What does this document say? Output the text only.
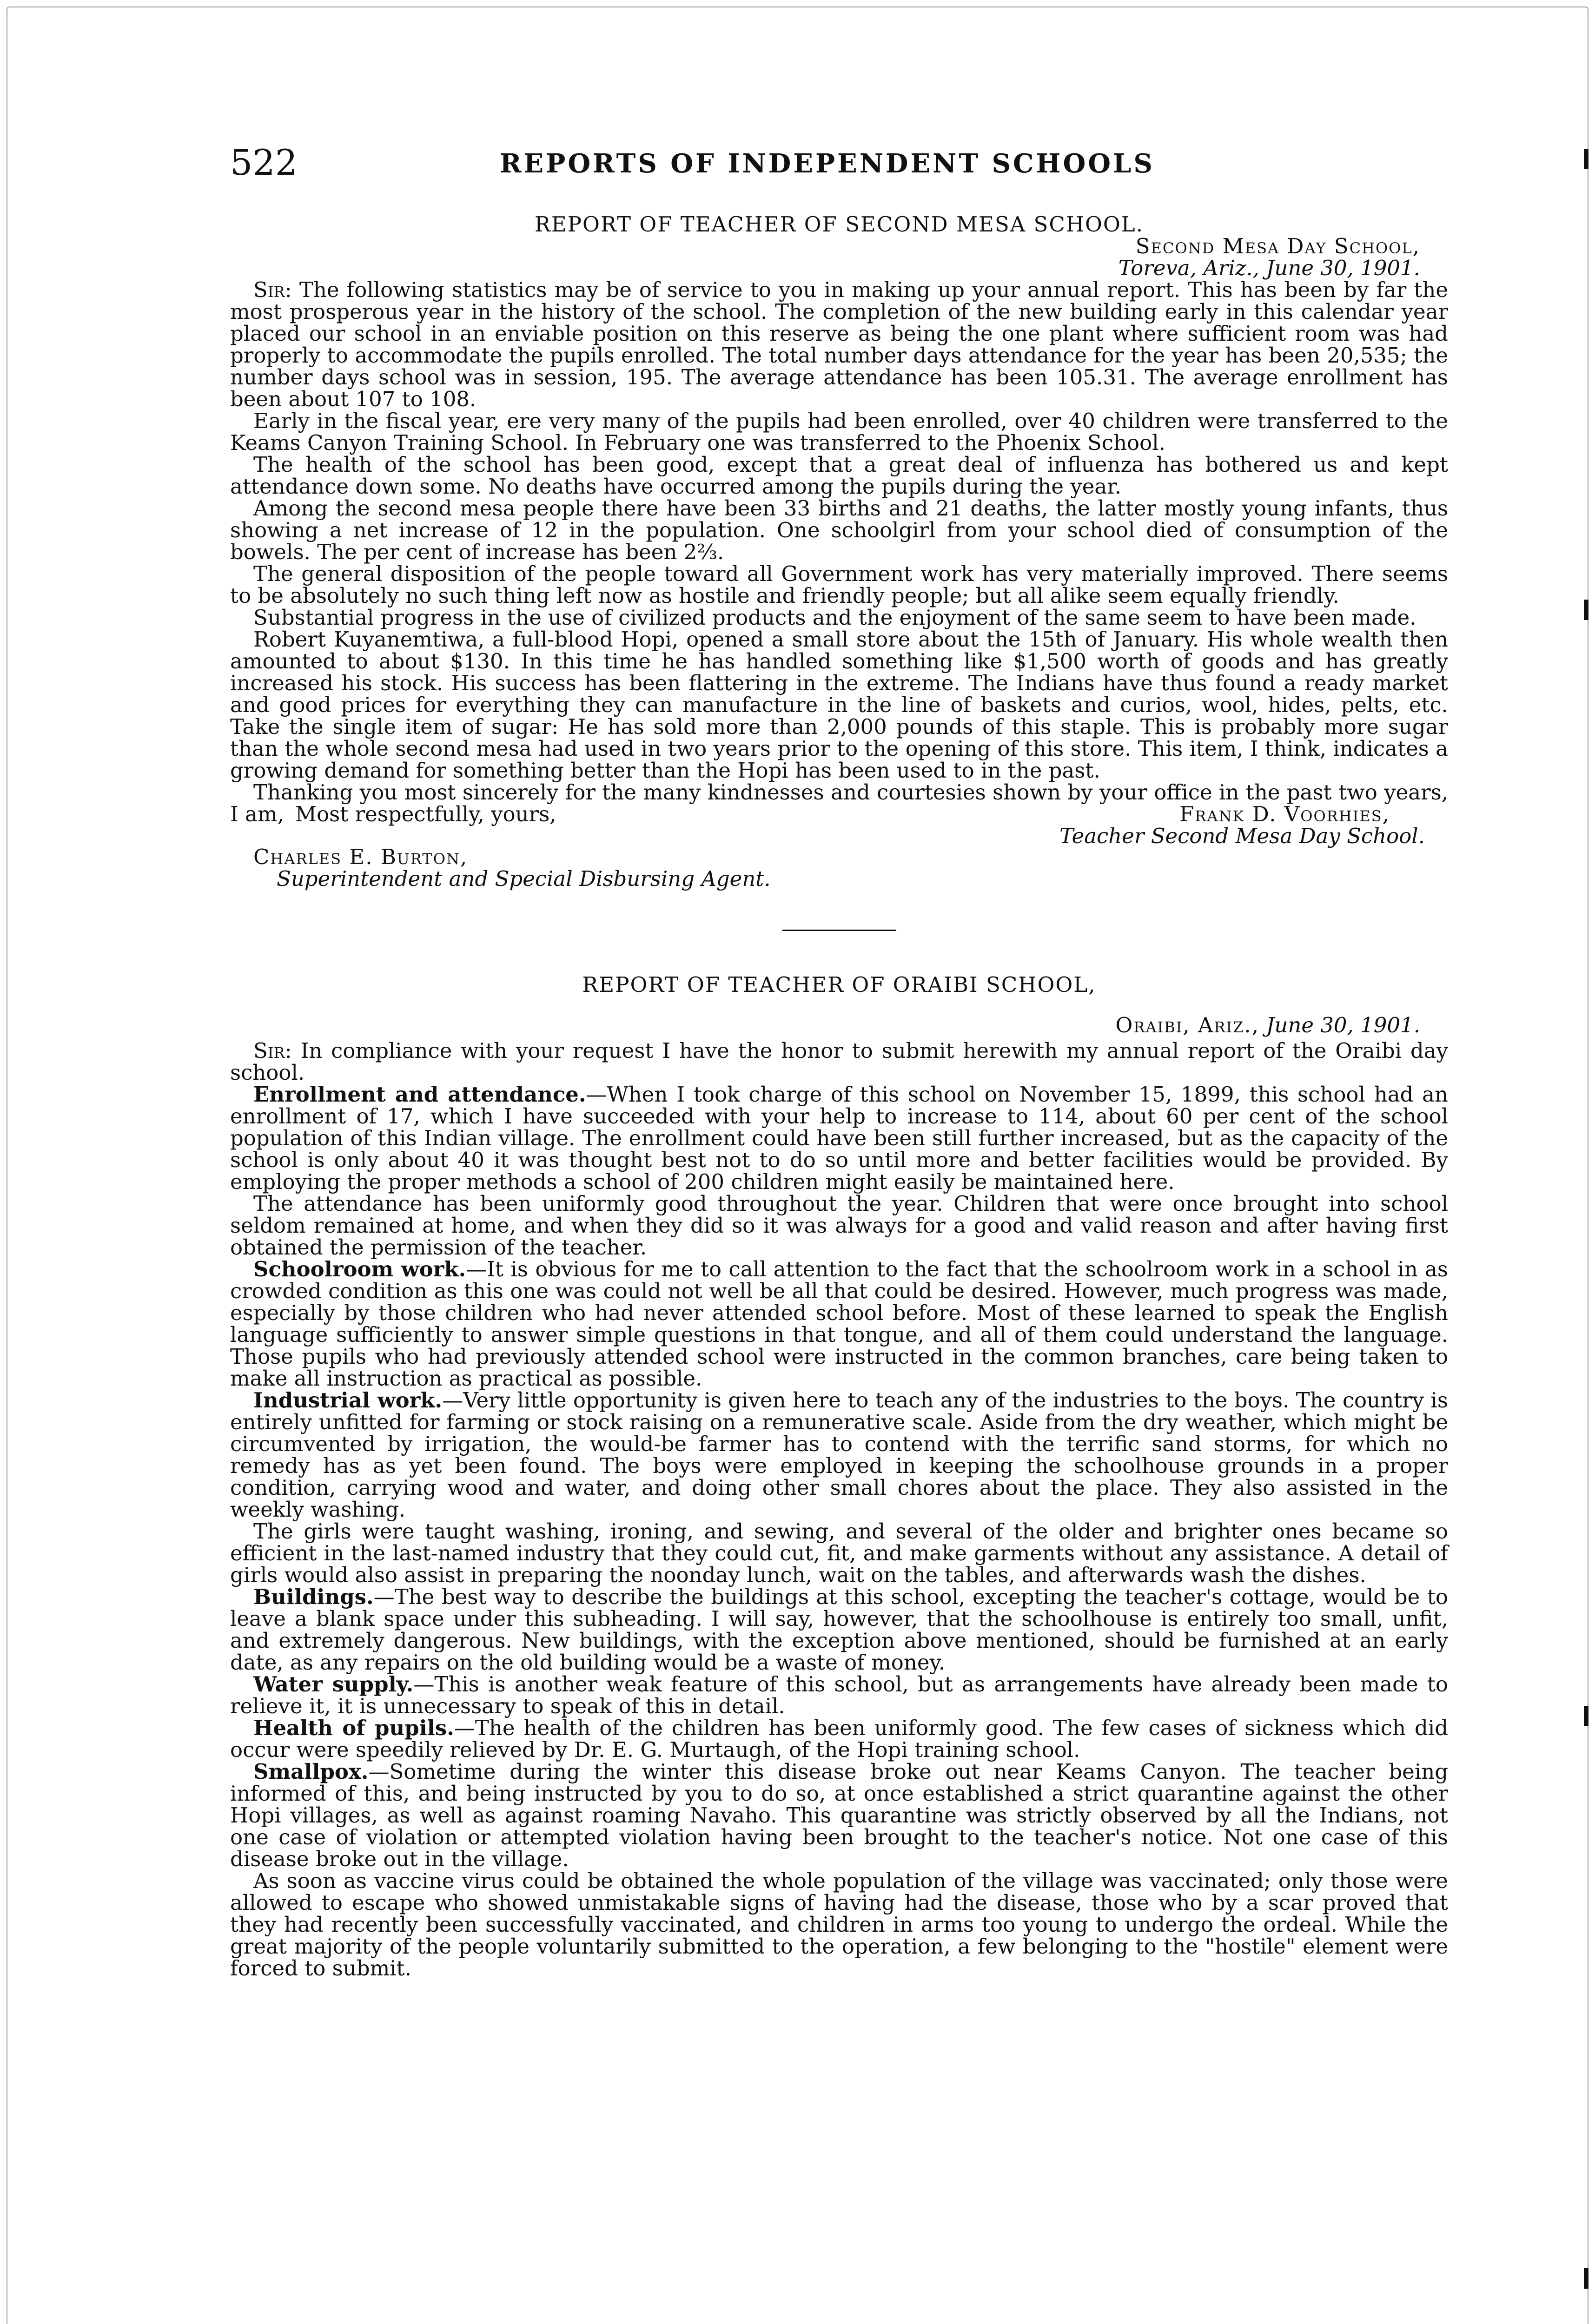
522	REPORTS OF INDEPENDENT SCHOOLS
REPORT OF TEACHER OF SECOND MESA SCHOOL.
Second Mesa Day School,
Toreva, Ariz., June 30, 1901.

Sir: The following statistics may be of service to you in making up your annual report. This has been by far the most prosperous year in the history of the school. The completion of the new building early in this calendar year placed our school in an enviable position on this reserve as being the one plant where sufficient room was had properly to accommodate the pupils enrolled. The total number days attendance for the year has been 20,535; the number days school was in session, 195. The average attendance has been 105.31. The average enrollment has been about 107 to 108.

Early in the fiscal year, ere very many of the pupils had been enrolled, over 40 children were transferred to the Keams Canyon Training School. In February one was transferred to the Phoenix School.

The health of the school has been good, except that a great deal of influenza has bothered us and kept attendance down some. No deaths have occurred among the pupils during the year.

Among the second mesa people there have been 33 births and 21 deaths, the latter mostly young infants, thus showing a net increase of 12 in the population. One schoolgirl from your school died of consumption of the bowels. The per cent of increase has been 2⅔.

The general disposition of the people toward all Government work has very materially improved. There seems to be absolutely no such thing left now as hostile and friendly people; but all alike seem equally friendly.

Substantial progress in the use of civilized products and the enjoyment of the same seem to have been made.

Robert Kuyanemtiwa, a full-blood Hopi, opened a small store about the 15th of January. His whole wealth then amounted to about $130. In this time he has handled something like $1,500 worth of goods and has greatly increased his stock. His success has been flattering in the extreme. The Indians have thus found a ready market and good prices for everything they can manufacture in the line of baskets and curios, wool, hides, pelts, etc. Take the single item of sugar: He has sold more than 2,000 pounds of this staple. This is probably more sugar than the whole second mesa had used in two years prior to the opening of this store. This item, I think, indicates a growing demand for something better than the Hopi has been used to in the past.

Thanking you most sincerely for the many kindnesses and courtesies shown by your office in the past two years, I am, Most respectfully, yours,	Frank D. Voorhies,
Teacher Second Mesa Day School.
Charles E. Burton,
Superintendent and Special Disbursing Agent.
REPORT OF TEACHER OF ORAIBI SCHOOL,
Oraibi, Ariz., June 30, 1901.

Sir: In compliance with your request I have the honor to submit herewith my annual report of the Oraibi day school.

Enrollment and attendance.—When I took charge of this school on November 15, 1899, this school had an enrollment of 17, which I have succeeded with your help to increase to 114, about 60 per cent of the school population of this Indian village. The enrollment could have been still further increased, but as the capacity of the school is only about 40 it was thought best not to do so until more and better facilities would be provided. By employing the proper methods a school of 200 children might easily be maintained here.

The attendance has been uniformly good throughout the year. Children that were once brought into school seldom remained at home, and when they did so it was always for a good and valid reason and after having first obtained the permission of the teacher.

Schoolroom work.—It is obvious for me to call attention to the fact that the schoolroom work in a school in as crowded condition as this one was could not well be all that could be desired. However, much progress was made, especially by those children who had never attended school before. Most of these learned to speak the English language sufficiently to answer simple questions in that tongue, and all of them could understand the language. Those pupils who had previously attended school were instructed in the common branches, care being taken to make all instruction as practical as possible.

Industrial work.—Very little opportunity is given here to teach any of the industries to the boys. The country is entirely unfitted for farming or stock raising on a remunerative scale. Aside from the dry weather, which might be circumvented by irrigation, the would-be farmer has to contend with the terrific sand storms, for which no remedy has as yet been found. The boys were employed in keeping the schoolhouse grounds in a proper condition, carrying wood and water, and doing other small chores about the place. They also assisted in the weekly washing.

The girls were taught washing, ironing, and sewing, and several of the older and brighter ones became so efficient in the last-named industry that they could cut, fit, and make garments without any assistance. A detail of girls would also assist in preparing the noonday lunch, wait on the tables, and afterwards wash the dishes.

Buildings.—The best way to describe the buildings at this school, excepting the teacher's cottage, would be to leave a blank space under this subheading. I will say, however, that the schoolhouse is entirely too small, unfit, and extremely dangerous. New buildings, with the exception above mentioned, should be furnished at an early date, as any repairs on the old building would be a waste of money.

Water supply.—This is another weak feature of this school, but as arrangements have already been made to relieve it, it is unnecessary to speak of this in detail.

Health of pupils.—The health of the children has been uniformly good. The few cases of sickness which did occur were speedily relieved by Dr. E. G. Murtaugh, of the Hopi training school.

Smallpox.—Sometime during the winter this disease broke out near Keams Canyon. The teacher being informed of this, and being instructed by you to do so, at once established a strict quarantine against the other Hopi villages, as well as against roaming Navaho. This quarantine was strictly observed by all the Indians, not one case of violation or attempted violation having been brought to the teacher's notice. Not one case of this disease broke out in the village.

As soon as vaccine virus could be obtained the whole population of the village was vaccinated; only those were allowed to escape who showed unmistakable signs of having had the disease, those who by a scar proved that they had recently been successfully vaccinated, and children in arms too young to undergo the ordeal. While the great majority of the people voluntarily submitted to the operation, a few belonging to the "hostile" element were forced to submit.
